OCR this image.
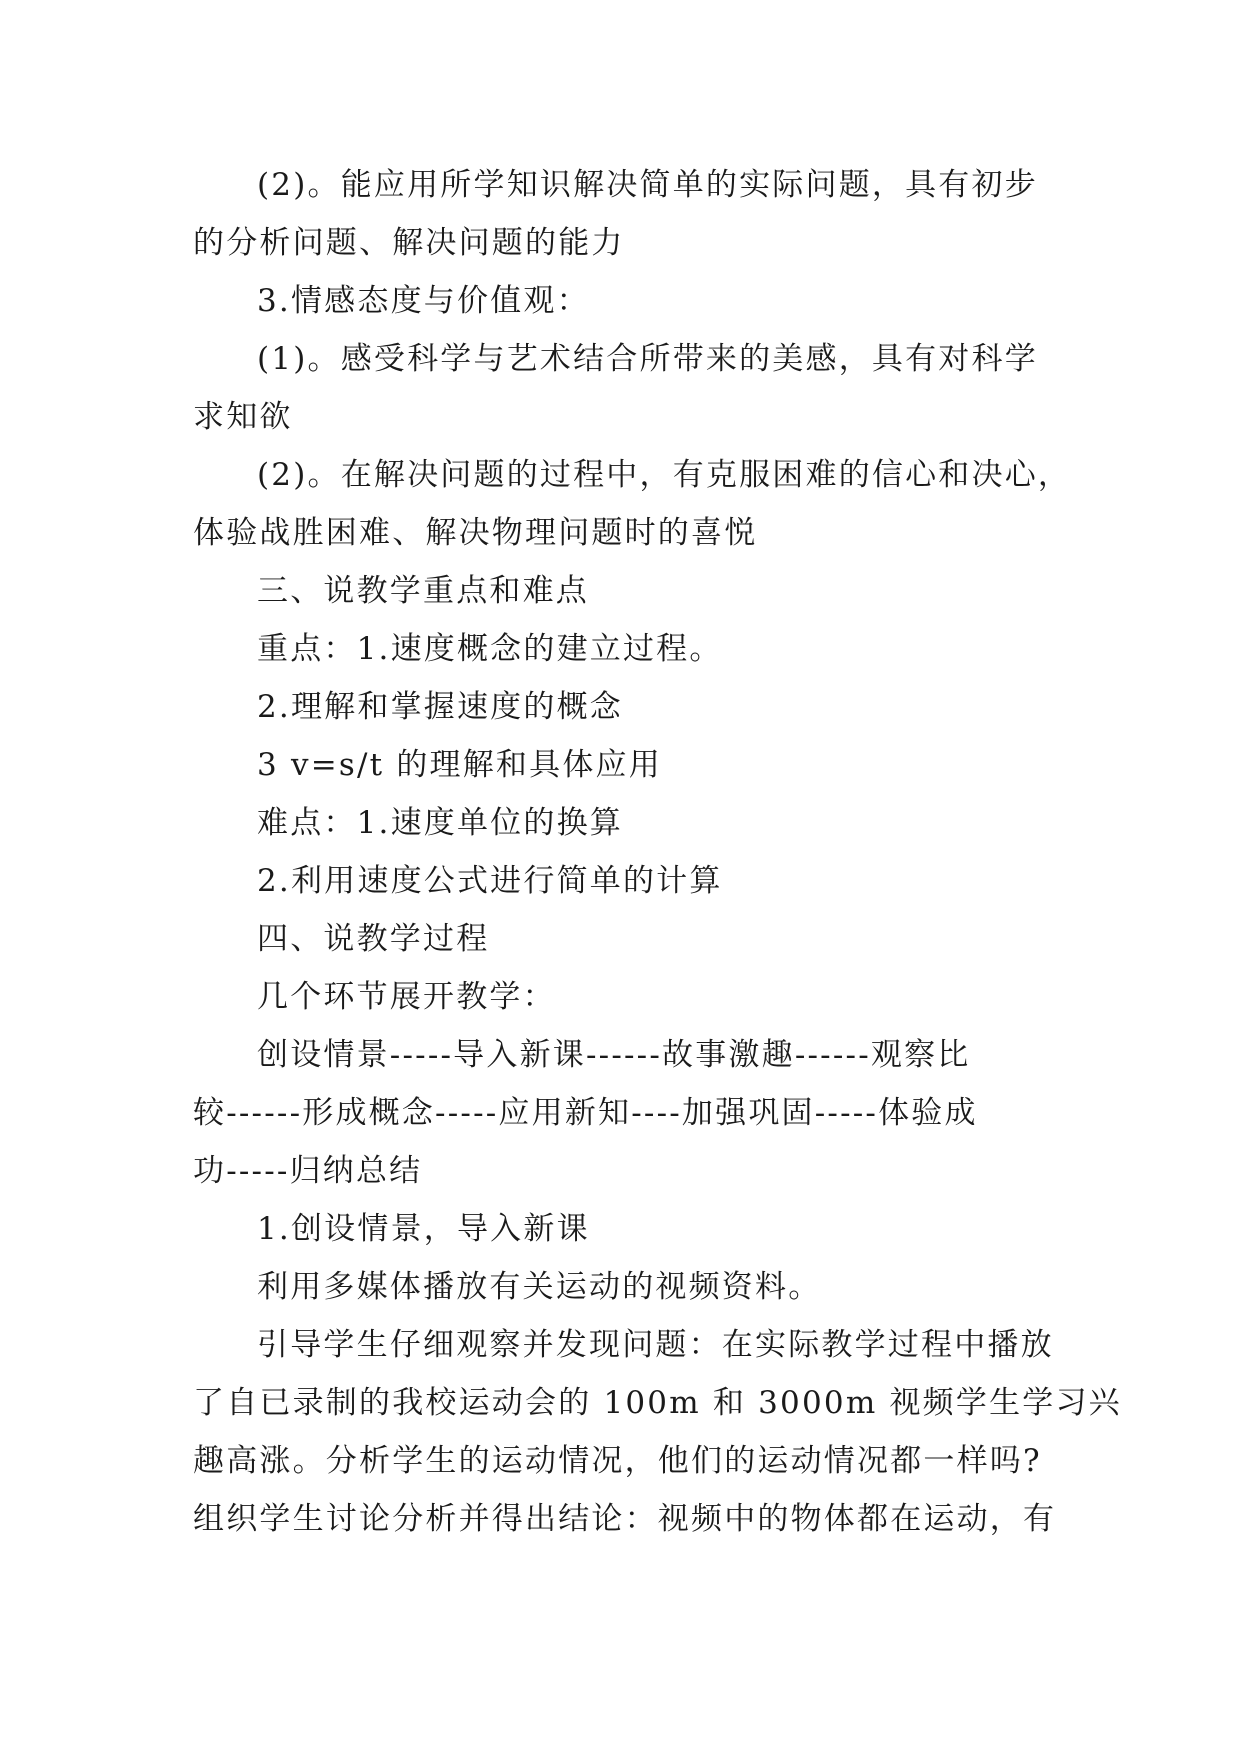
(2)。能应用所学知识解决简单的实际问题，具有初步
的分析问题、解决问题的能力

3.情感态度与价值观：

(1)。感受科学与艺术结合所带来的美感，具有对科学
求知欲

(2)。在解决问题的过程中，有克服困难的信心和决心，
体验战胜困难、解决物理问题时的喜悦

三、说教学重点和难点

重点：1.速度概念的建立过程。

2.理解和掌握速度的概念

3 v=s/t 的理解和具体应用

难点：1.速度单位的换算

2.利用速度公式进行简单的计算

四、说教学过程

几个环节展开教学：

创设情景-----导入新课------故事激趣------观察比
较------形成概念-----应用新知----加强巩固-----体验成
功-----归纳总结

1.创设情景，导入新课

利用多媒体播放有关运动的视频资料。

引导学生仔细观察并发现问题：在实际教学过程中播放
了自已录制的我校运动会的 100m 和 3000m 视频学生学习兴
趣高涨。分析学生的运动情况，他们的运动情况都一样吗?
组织学生讨论分析并得出结论：视频中的物体都在运动，有
